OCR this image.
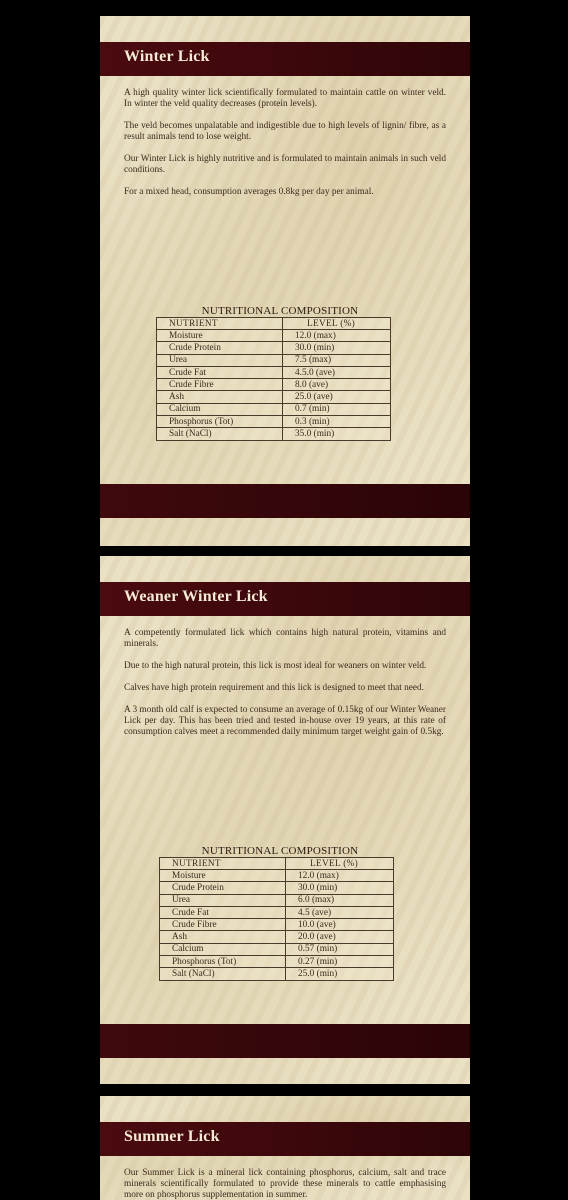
Winter Lick

A high quality winter lick scientifically formulated to maintain cattle on winter veld. In winter the veld quality decreases (protein levels).

The veld becomes unpalatable and indigestible due to high levels of lignin/ fibre, as a result animals tend to lose weight.

Our Winter Lick is highly nutritive and is formulated to maintain animals in such veld conditions.

For a mixed head, consumption averages 0.8kg per day per animal.

NUTRITIONAL COMPOSITION

NUTRIENT	LEVEL (%)
Moisture	12.0 (max)
Crude Protein	30.0 (min)
Urea	7.5 (max)
Crude Fat	4.5.0 (ave)
Crude Fibre	8.0 (ave)
Ash	25.0 (ave)
Calcium	0.7 (min)
Phosphorus (Tot)	0.3 (min)
Salt (NaCl)	35.0 (min)
Weaner Winter Lick

A competently formulated lick which contains high natural protein, vitamins and minerals.

Due to the high natural protein, this lick is most ideal for weaners on winter veld.

Calves have high protein requirement and this lick is designed to meet that need.

A 3 month old calf is expected to consume an average of 0.15kg of our Winter Weaner Lick per day. This has been tried and tested in-house over 19 years, at this rate of consumption calves meet a recommended daily minimum target weight gain of 0.5kg.

NUTRITIONAL COMPOSITION

NUTRIENT	LEVEL (%)
Moisture	12.0 (max)
Crude Protein	30.0 (min)
Urea	6.0 (max)
Crude Fat	4.5 (ave)
Crude Fibre	10.0 (ave)
Ash	20.0 (ave)
Calcium	0.57 (min)
Phosphorus (Tot)	0.27 (min)
Salt (NaCl)	25.0 (min)
Summer Lick

Our Summer Lick is a mineral lick containing phosphorus, calcium, salt and trace minerals scientifically formulated to provide these minerals to cattle emphasising more on phosphorus supplementation in summer.
